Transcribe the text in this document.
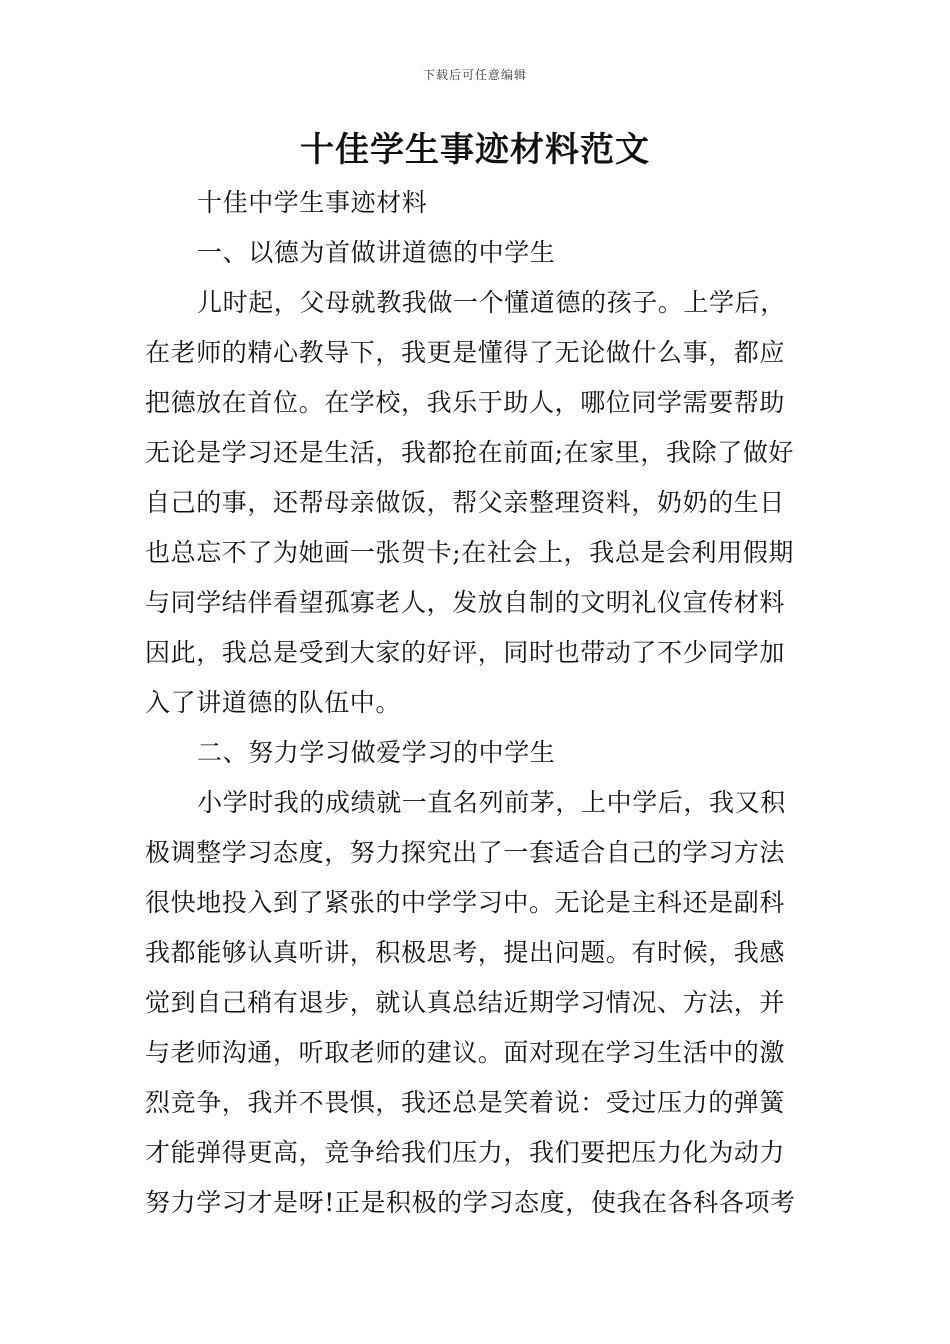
下载后可任意编辑
十佳学生事迹材料范文
十佳中学生事迹材料
一、以德为首做讲道德的中学生
儿时起，父母就教我做一个懂道德的孩子。上学后，
在老师的精心教导下，我更是懂得了无论做什么事，都应
把德放在首位。在学校，我乐于助人，哪位同学需要帮助
无论是学习还是生活，我都抢在前面;在家里，我除了做好
自己的事，还帮母亲做饭，帮父亲整理资料，奶奶的生日
也总忘不了为她画一张贺卡;在社会上，我总是会利用假期
与同学结伴看望孤寡老人，发放自制的文明礼仪宣传材料
因此，我总是受到大家的好评，同时也带动了不少同学加
入了讲道德的队伍中。
二、努力学习做爱学习的中学生
小学时我的成绩就一直名列前茅，上中学后，我又积
极调整学习态度，努力探究出了一套适合自己的学习方法
很快地投入到了紧张的中学学习中。无论是主科还是副科
我都能够认真听讲，积极思考，提出问题。有时候，我感
觉到自己稍有退步，就认真总结近期学习情况、方法，并
与老师沟通，听取老师的建议。面对现在学习生活中的激
烈竞争，我并不畏惧，我还总是笑着说：受过压力的弹簧
才能弹得更高，竞争给我们压力，我们要把压力化为动力
努力学习才是呀!正是积极的学习态度，使我在各科各项考
